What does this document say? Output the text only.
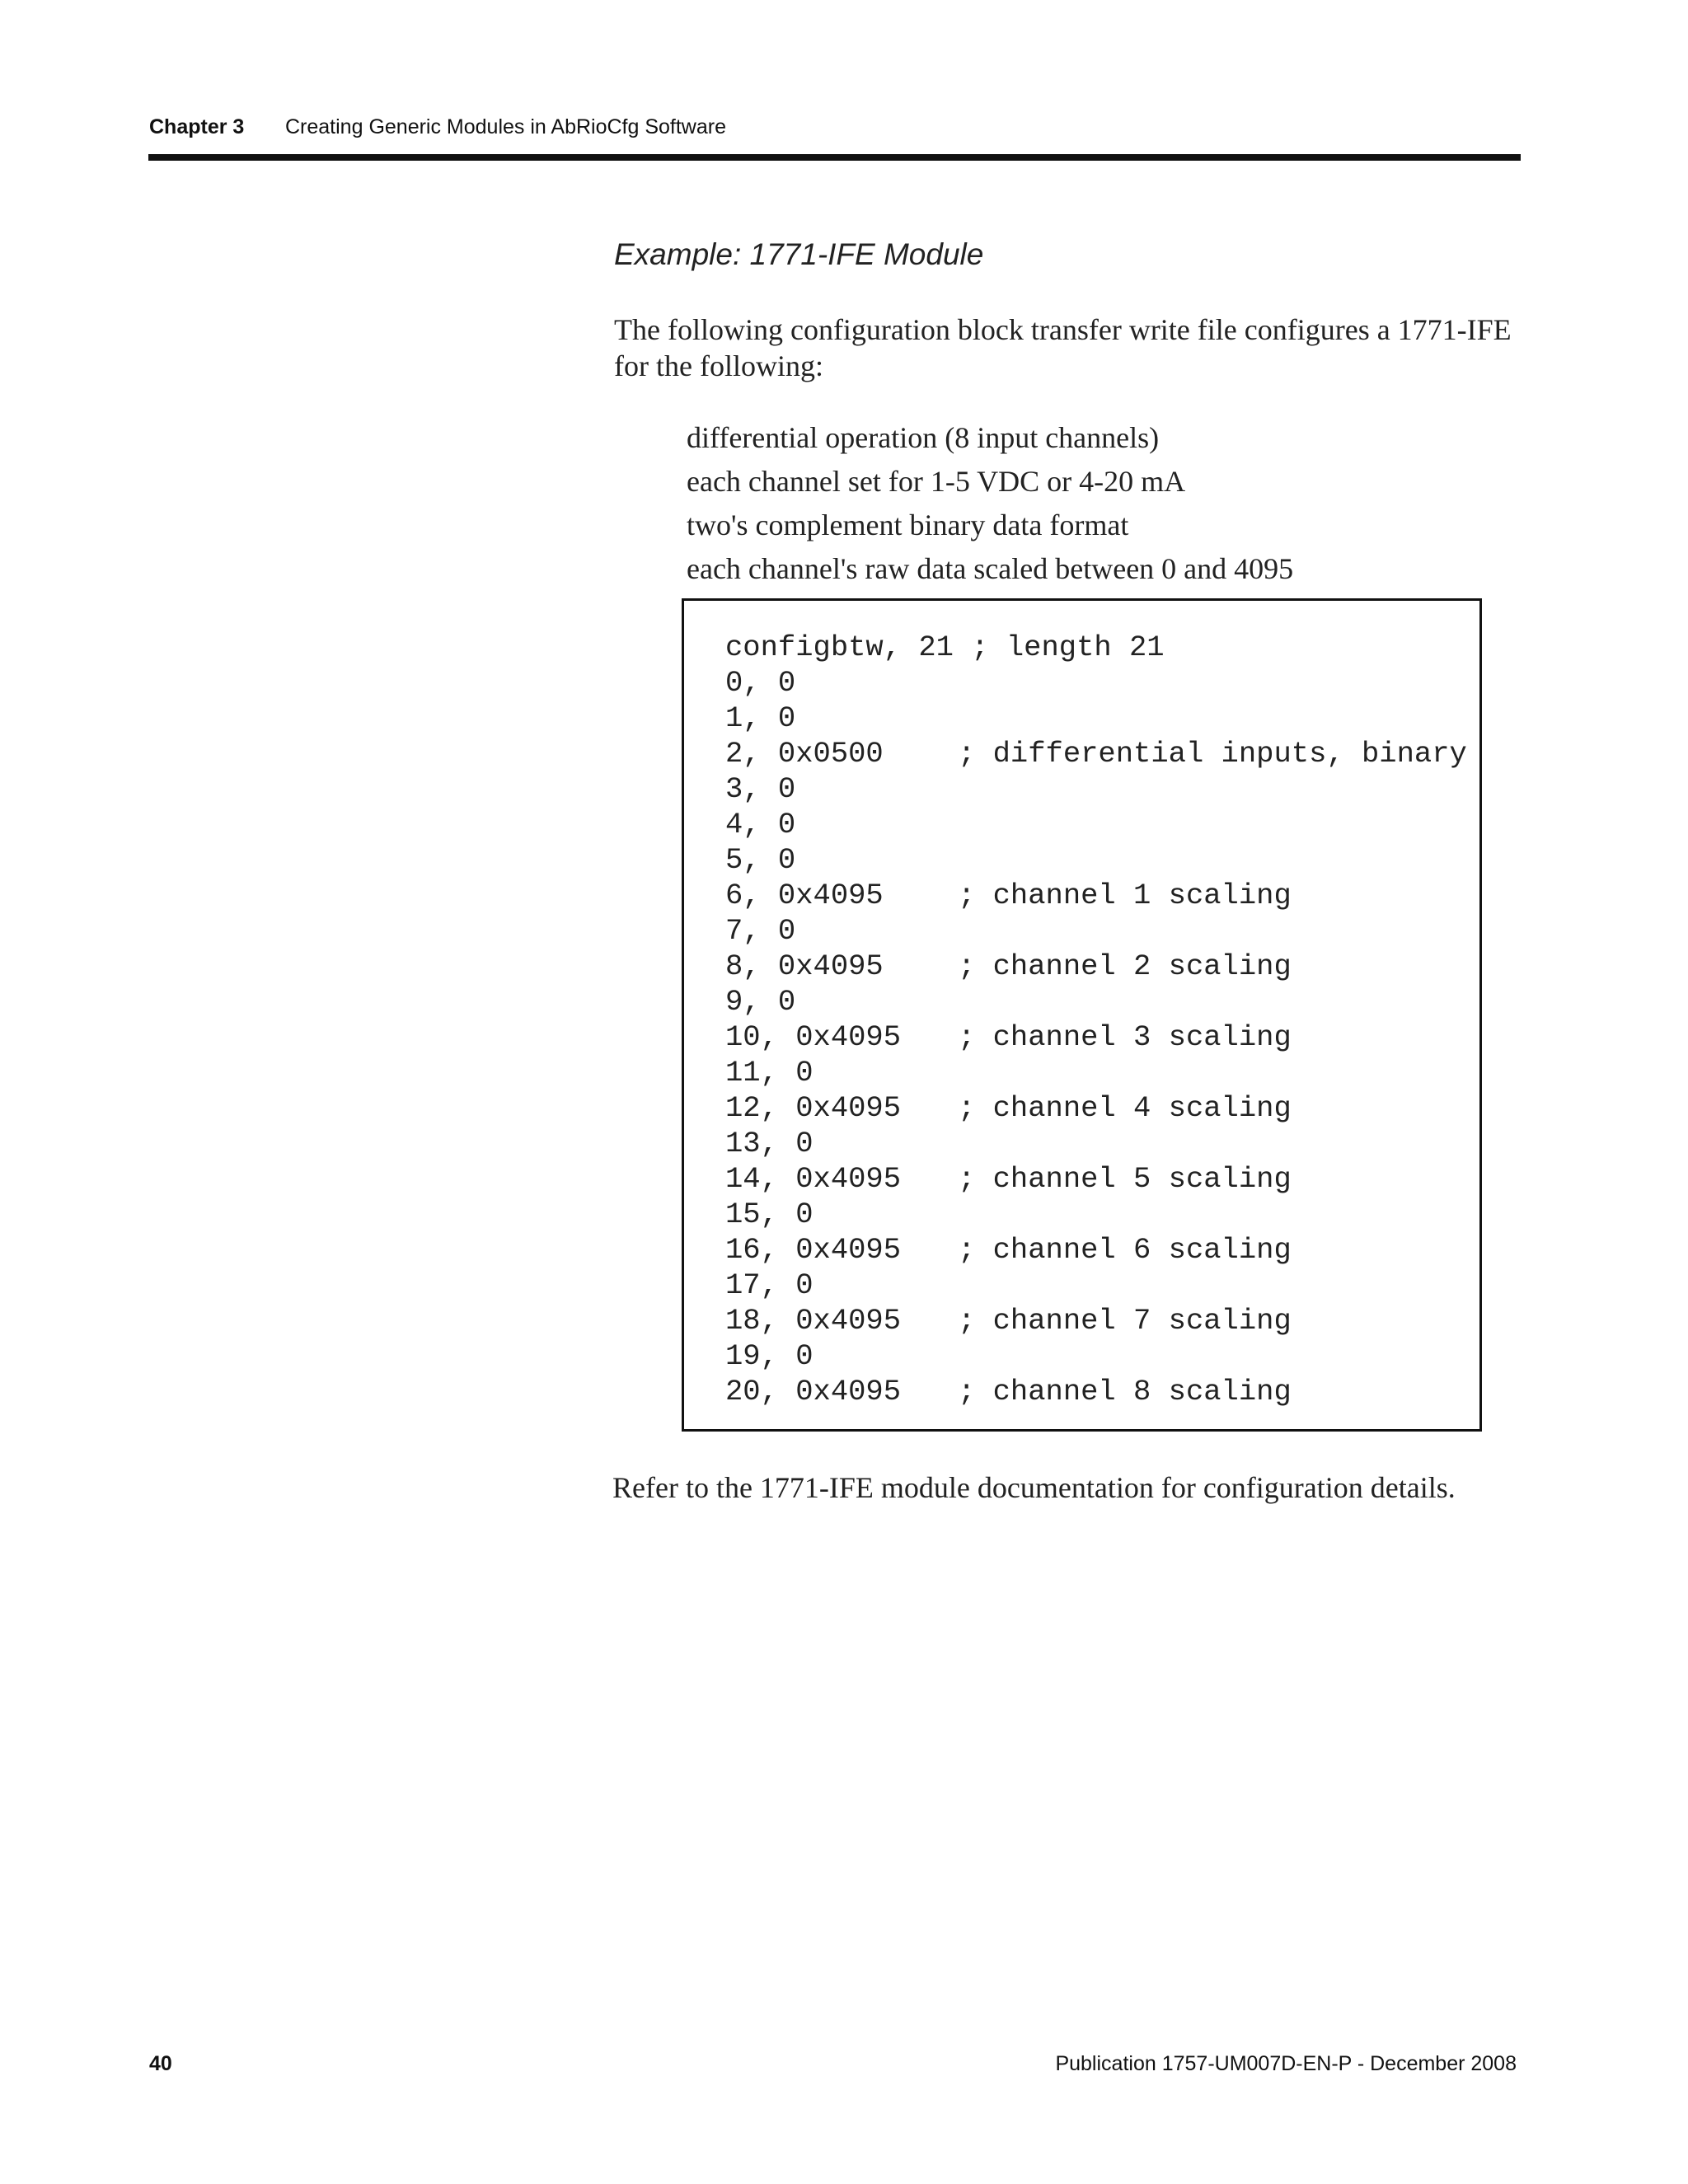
Chapter 3 Creating Generic Modules in AbRioCfg Software
Example: 1771-IFE Module

The following configuration block transfer write file configures a 1771-IFE for the following:

differential operation (8 input channels)
each channel set for 1-5 VDC or 4-20 mA
two's complement binary data format
each channel's raw data scaled between 0 and 4095
configbtw, 21 ; length 21
0, 0
1, 0
2, 0x0500	; differential inputs, binary
3, 0
4, 0
5, 0
6, 0x4095	; channel 1 scaling
7, 0
8, 0x4095	; channel 2 scaling
9, 0
10, 0x4095 ; channel 3 scaling
11, 0
12, 0x4095 ; channel 4 scaling
13, 0
14, 0x4095 ; channel 5 scaling
15, 0
16, 0x4095 ; channel 6 scaling
17, 0
18, 0x4095 ; channel 7 scaling
19, 0
20, 0x4095 ; channel 8 scaling

Refer to the 1771-IFE module documentation for configuration details.

40	Publication 1757-UM007D-EN-P - December 2008
